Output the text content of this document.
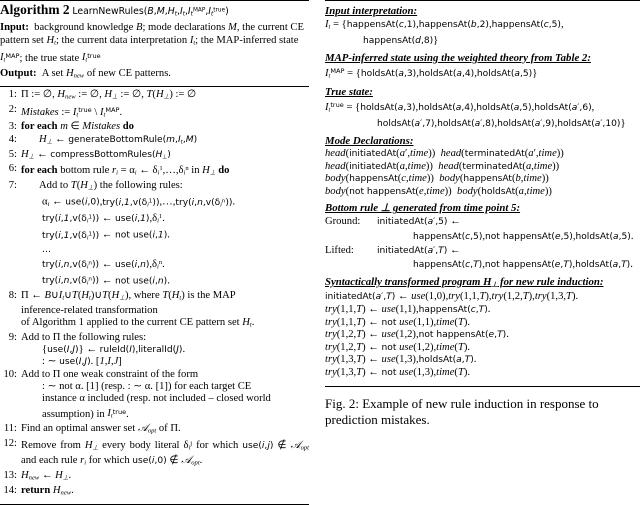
Algorithm 2 $LearnNewRules(B,M,H_t,I_t,I_t^{MAP},I_t^{true})$
Input:  background knowledge B; mode declarations M, the current CE pattern set $H_t$; the current data interpretation $I_t$; the MAP-inferred state $I_t^{MAP}$; the true state $I_t^{true}$
Output:  A set $H_{new}$ of new CE patterns.
1: Π := ∅, $H_{new}$ := ∅, $H_\perp$ := ∅, $T(H_\perp)$ := ∅
2: Mistakes := $I_t^{true}$ \ $I_t^{MAP}$.
3: for each m ∈ Mistakes do
4:	$H_\perp$ ← $generateBottomRule(m,I_t,M)$
5: $H_\perp$ ← $compressBottomRules(H_\perp)$
6: for each bottom rule $r_i = \alpha_i$ ← $\delta_i^1,\dots,\delta_i^n$ in $H_\perp$ do
7:	Add to $T(H_\perp)$ the following rules:
$\alpha_i$ ← $use(i,0),try(i,1,v(\delta_i^1)),\dots,try(i,n,v(\delta_i^n))$.
$try(i,1,v(\delta_i^1))$ ← $use(i,1),\delta_i^1$.
$try(i,1,v(\delta_i^1))$ ← not use(i,1).
…
$try(i,n,v(\delta_i^n))$ ← $use(i,n),\delta_i^n$.
$try(i,n,v(\delta_i^n))$ ← not use(i,n).
8: Π ← $B\cup I_t\cup T(H_t)\cup T(H_\perp)$, where $T(H_t)$ is the MAP
inference-related transformation
of Algorithm 1 applied to the current CE pattern set $H_t$.
9: Add to Π the following rules:
{use(I,J)} ← ruleId(I),literalId(J).
: ∼ use(I,J). [1,I,J]
10: Add to Π one weak constraint of the form
: ∼ not α. [1] (resp. : ∼ α. [1]) for each target CE
instance α included (resp. not included – closed world
assumption) in $I_t^{true}$.
11: Find an optimal answer set 𝒜$_{opt}$ of Π.
12: Remove from $H_\perp$ every body literal $\delta_i^j$ for which use(i,j) ∉ 𝒜$_{opt}$ and each rule $r_i$ for which use(i,0) ∉ 𝒜$_{opt}$.
13: $H_{new}$ ← $H_\perp$.
14: return $H_{new}$.
Input interpretation:
$I_t$ = {happensAt(c,1),happensAt(b,2),happensAt(c,5),
happensAt(d,8)}
MAP-inferred state using the weighted theory from Table 2:
$I_t^{MAP}$ = {holdsAt(a,3),holdsAt(a,4),holdsAt(a,5)}
True state:
$I_t^{true}$ = {holdsAt(a,3),holdsAt(a,4),holdsAt(a,5),holdsAt(a′,6),
holdsAt(a′,7),holdsAt(a′,8),holdsAt(a′,9),holdsAt(a′,10)}
Mode Declarations:
head(initiatedAt(a′,time))  head(terminatedAt(a′,time))
head(initiatedAt(a,time))  head(terminatedAt(a,time))
body(happensAt(c,time))  body(happensAt(b,time))
body(not happensAt(e,time))  body(holdsAt(a,time))
Bottom rule ⊥ generated from time point 5:
Ground: initiatedAt(a′,5) ←
happensAt(c,5),not happensAt(e,5),holdsAt(a,5).
Lifted:	initiatedAt(a′,T) ←
happensAt(c,T),not happensAt(e,T),holdsAt(a,T).
Syntactically transformed program $H_\perp$ for new rule induction:
initiatedAt(a′,T) ← use(1,0),try(1,1,T),try(1,2,T),try(1,3,T).
try(1,1,T) ← use(1,1),happensAt(c,T).
try(1,1,T) ← not use(1,1),time(T).
try(1,2,T) ← use(1,2),not happensAt(e,T).
try(1,2,T) ← not use(1,2),time(T).
try(1,3,T) ← use(1,3),holdsAt(a,T).
try(1,3,T) ← not use(1,3),time(T).
Fig. 2: Example of new rule induction in response to prediction mistakes.
